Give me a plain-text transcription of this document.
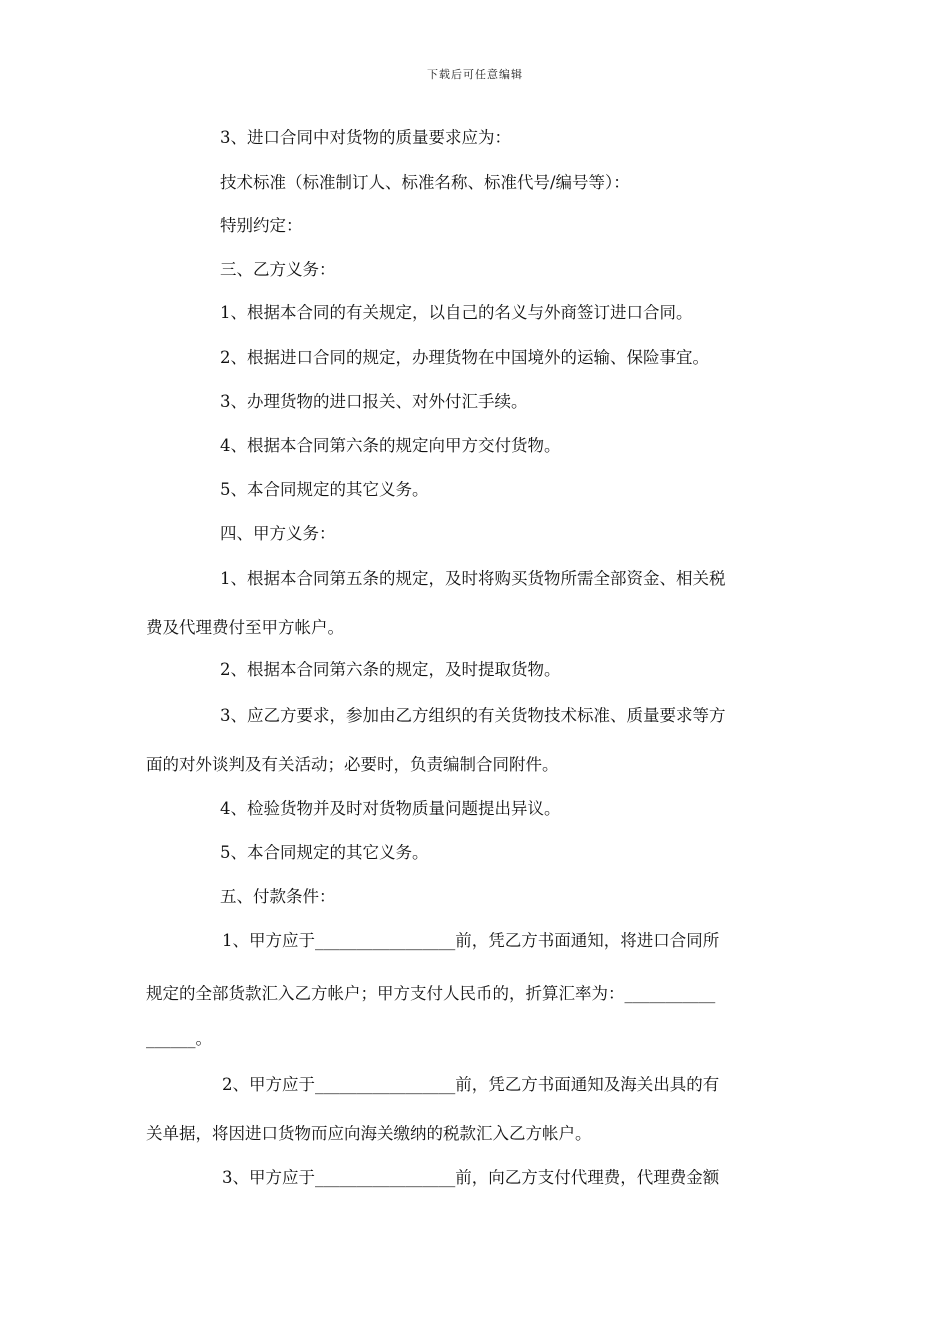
下载后可任意编辑
3、进口合同中对货物的质量要求应为：
技术标准（标准制订人、标准名称、标准代号/编号等）：
特别约定：
三、乙方义务：
1、根据本合同的有关规定，以自己的名义与外商签订进口合同。
2、根据进口合同的规定，办理货物在中国境外的运输、保险事宜。
3、办理货物的进口报关、对外付汇手续。
4、根据本合同第六条的规定向甲方交付货物。
5、本合同规定的其它义务。
四、甲方义务：
1、根据本合同第五条的规定，及时将购买货物所需全部资金、相关税
费及代理费付至甲方帐户。
2、根据本合同第六条的规定，及时提取货物。
3、应乙方要求，参加由乙方组织的有关货物技术标准、质量要求等方
面的对外谈判及有关活动；必要时，负责编制合同附件。
4、检验货物并及时对货物质量问题提出异议。
5、本合同规定的其它义务。
五、付款条件：
1、甲方应于_________________前，凭乙方书面通知，将进口合同所
规定的全部货款汇入乙方帐户；甲方支付人民币的，折算汇率为：___________
______。
2、甲方应于_________________前，凭乙方书面通知及海关出具的有
关单据，将因进口货物而应向海关缴纳的税款汇入乙方帐户。
3、甲方应于_________________前，向乙方支付代理费，代理费金额
